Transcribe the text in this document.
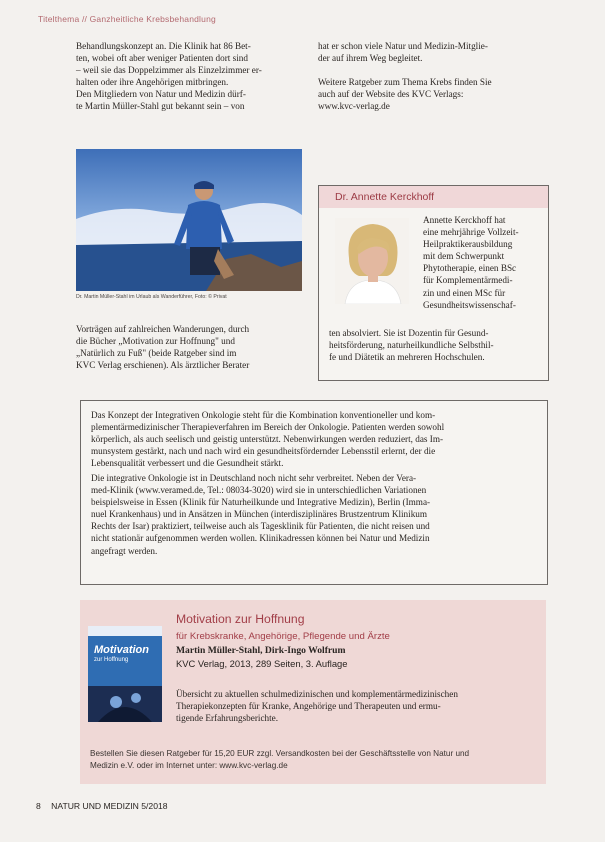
Titelthema // Ganzheitliche Krebsbehandlung
Behandlungskonzept an. Die Klinik hat 86 Bet-
ten, wobei oft aber weniger Patienten dort sind
– weil sie das Doppelzimmer als Einzelzimmer er-
halten oder ihre Angehörigen mitbringen.
Den Mitgliedern von Natur und Medizin dürf-
te Martin Müller-Stahl gut bekannt sein – von
Dr. Martin Müller-Stahl im Urlaub als Wanderführer, Foto: © Privat
Vorträgen auf zahlreichen Wanderungen, durch
die Bücher „Motivation zur Hoffnung" und
„Natürlich zu Fuß" (beide Ratgeber sind im
KVC Verlag erschienen). Als ärztlicher Berater
hat er schon viele Natur und Medizin-Mitglie-
der auf ihrem Weg begleitet.
Weitere Ratgeber zum Thema Krebs finden Sie
auch auf der Website des KVC Verlags:
www.kvc-verlag.de
Dr. Annette Kerckhoff
Annette Kerckhoff hat
eine mehrjährige Vollzeit-
Heilpraktikerausbildung
mit dem Schwerpunkt
Phytotherapie, einen BSc
für Komplementärmedi-
zin und einen MSc für
Gesundheitswissenschaf-
ten absolviert. Sie ist Dozentin für Gesund-
heitsförderung, naturheilkundliche Selbsthil-
fe und Diätetik an mehreren Hochschulen.
Das Konzept der Integrativen Onkologie steht für die Kombination konventioneller und kom-
plementärmedizinischer Therapieverfahren im Bereich der Onkologie. Patienten werden sowohl
körperlich, als auch seelisch und geistig unterstützt. Nebenwirkungen werden reduziert, das Im-
munsystem gestärkt, nach und nach wird ein gesundheitsfördernder Lebensstil erlernt, der die
Lebensqualität verbessert und die Gesundheit stärkt.
Die integrative Onkologie ist in Deutschland noch nicht sehr verbreitet. Neben der Vera-
med-Klinik (www.veramed.de, Tel.: 08034-3020) wird sie in unterschiedlichen Variationen
beispielsweise in Essen (Klinik für Naturheilkunde und Integrative Medizin), Berlin (Imma-
nuel Krankenhaus) und in Ansätzen in München (interdisziplinäres Brustzentrum Klinikum
Rechts der Isar) praktiziert, teilweise auch als Tagesklinik für Patienten, die nicht reisen und
nicht stationär aufgenommen werden wollen. Klinikadressen können bei Natur und Medizin
angefragt werden.
Motivation
zur Hoffnung
Motivation zur Hoffnung
für Krebskranke, Angehörige, Pflegende und Ärzte
Martin Müller-Stahl, Dirk-Ingo Wolfrum
KVC Verlag, 2013, 289 Seiten, 3. Auflage
Übersicht zu aktuellen schulmedizinischen und komplementärmedizinischen
Therapiekonzepten für Kranke, Angehörige und Therapeuten und ermu-
tigende Erfahrungsberichte.
Bestellen Sie diesen Ratgeber für 15,20 EUR zzgl. Versandkosten bei der Geschäftsstelle von Natur und
Medizin e.V. oder im Internet unter: www.kvc-verlag.de
8 NATUR UND MEDIZIN 5/2018
